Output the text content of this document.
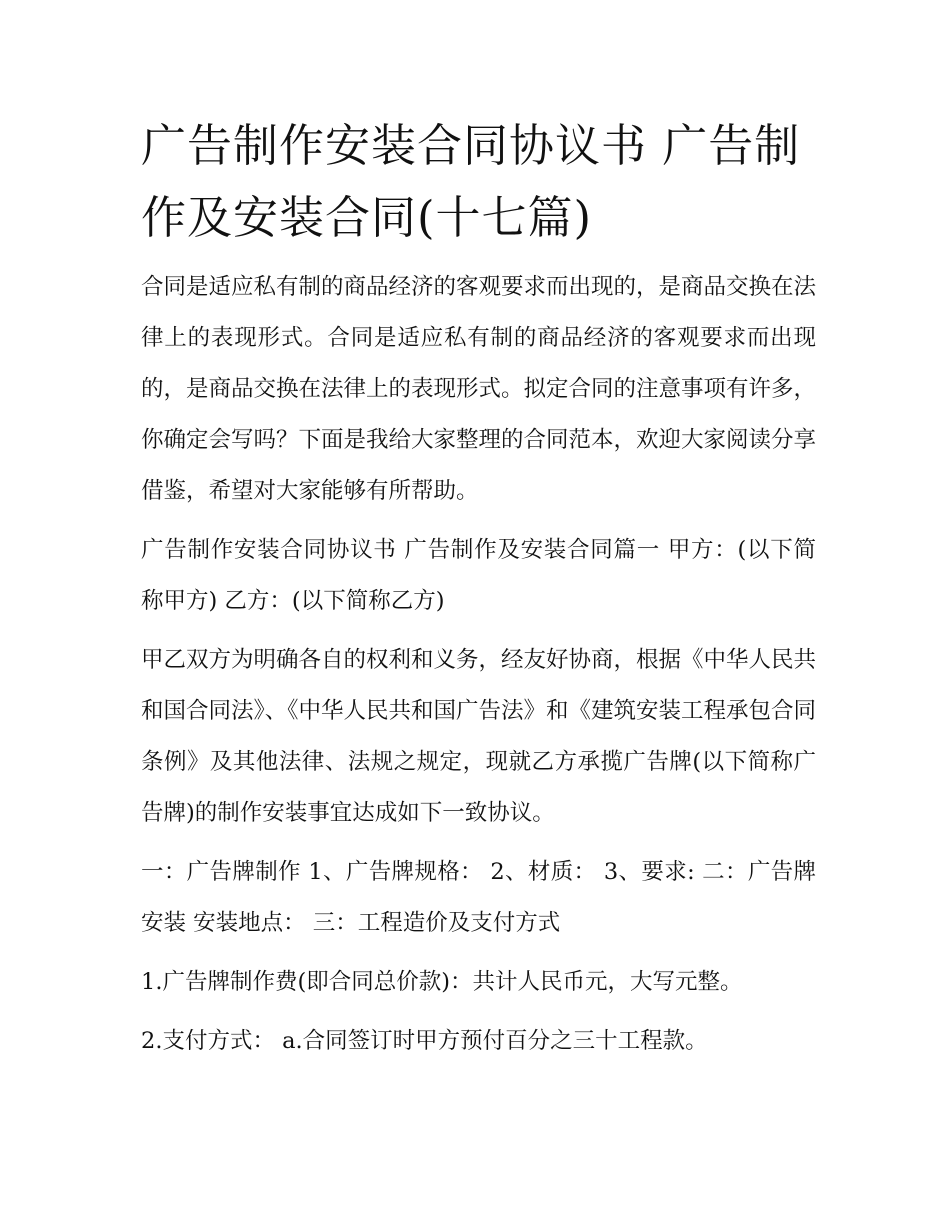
广告制作安装合同协议书 广告制作及安装合同(十七篇)

合同是适应私有制的商品经济的客观要求而出现的，是商品交换在法律上的表现形式。合同是适应私有制的商品经济的客观要求而出现的，是商品交换在法律上的表现形式。拟定合同的注意事项有许多，你确定会写吗？下面是我给大家整理的合同范本，欢迎大家阅读分享借鉴，希望对大家能够有所帮助。

广告制作安装合同协议书 广告制作及安装合同篇一 甲方：(以下简称甲方) 乙方：(以下简称乙方)

甲乙双方为明确各自的权利和义务，经友好协商，根据《中华人民共和国合同法》、《中华人民共和国广告法》和《建筑安装工程承包合同条例》及其他法律、法规之规定，现就乙方承揽广告牌(以下简称广告牌)的制作安装事宜达成如下一致协议。

一：广告牌制作 1、广告牌规格： 2、材质： 3、要求: 二：广告牌安装 安装地点： 三：工程造价及支付方式

1.广告牌制作费(即合同总价款)：共计人民币元，大写元整。

2.支付方式： a.合同签订时甲方预付百分之三十工程款。
